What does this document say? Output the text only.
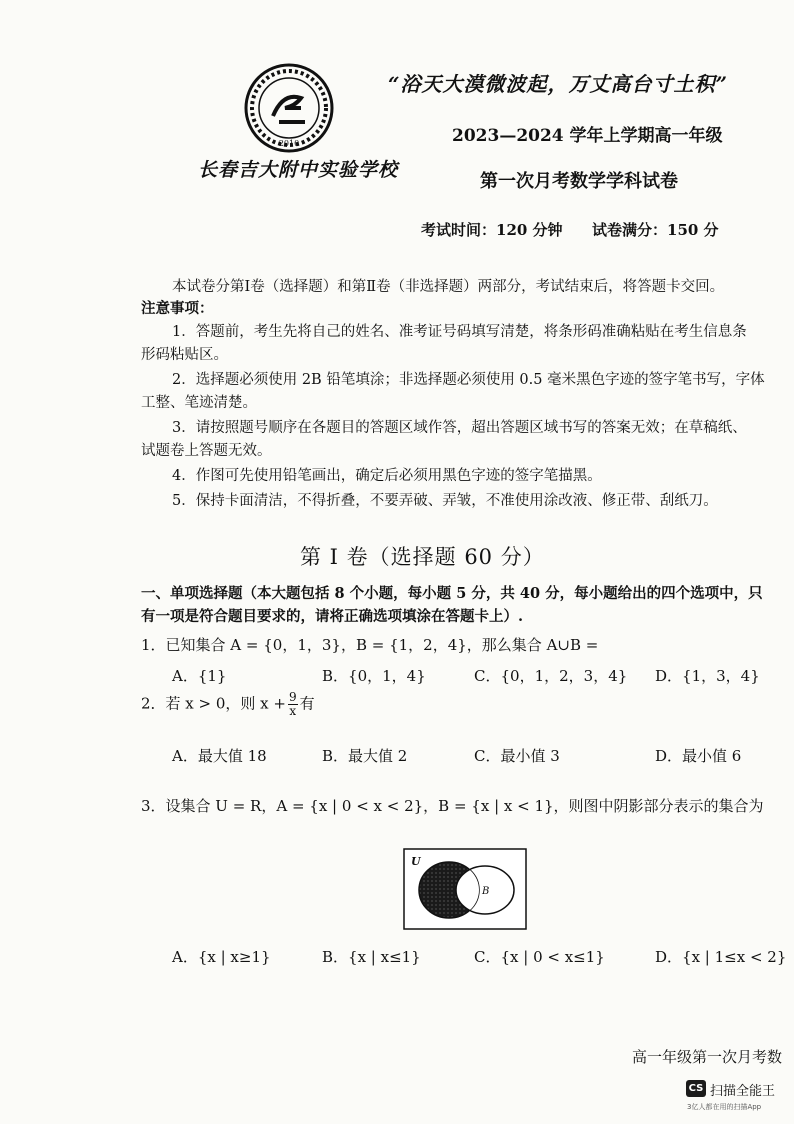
2010
长春吉大附中实验学校
“浴天大漠微波起，万丈高台寸土积”
2023—2024 学年上学期高一年级
第一次月考数学学科试卷
考试时间：120 分钟 试卷满分：150 分
本试卷分第Ⅰ卷（选择题）和第Ⅱ卷（非选择题）两部分，考试结束后，将答题卡交回。
注意事项：
1．答题前，考生先将自己的姓名、准考证号码填写清楚，将条形码准确粘贴在考生信息条
形码粘贴区。
2．选择题必须使用 2B 铅笔填涂；非选择题必须使用 0.5 毫米黑色字迹的签字笔书写，字体
工整、笔迹清楚。
3．请按照题号顺序在各题目的答题区域作答，超出答题区域书写的答案无效；在草稿纸、
试题卷上答题无效。
4．作图可先使用铅笔画出，确定后必须用黑色字迹的签字笔描黑。
5．保持卡面清洁，不得折叠，不要弄破、弄皱，不准使用涂改液、修正带、刮纸刀。
第 Ⅰ 卷（选择题 60 分）
一、单项选择题（本大题包括 8 个小题，每小题 5 分，共 40 分，每小题给出的四个选项中，只
有一项是符合题目要求的，请将正确选项填涂在答题卡上）.
1．已知集合 A = {0，1，3}，B = {1，2，4}，那么集合 A∪B =
A．{1}	B．{0，1，4}	C．{0，1，2，3，4} D．{1，3，4}
2．若 x > 0，则 $x + \frac{9}{x}$ 有
A．最大值 18	B．最大值 2	C．最小值 3	D．最小值 6
3．设集合 U = R，A = {x | 0 < x < 2}，B = {x | x < 1}，则图中阴影部分表示的集合为
U
B
A．{x | x≥1}	B．{x | x≤1}	C．{x | 0 < x≤1}	D．{x | 1≤x < 2}
高一年级第一次月考数
CS 扫描全能王
3亿人都在用的扫描App
